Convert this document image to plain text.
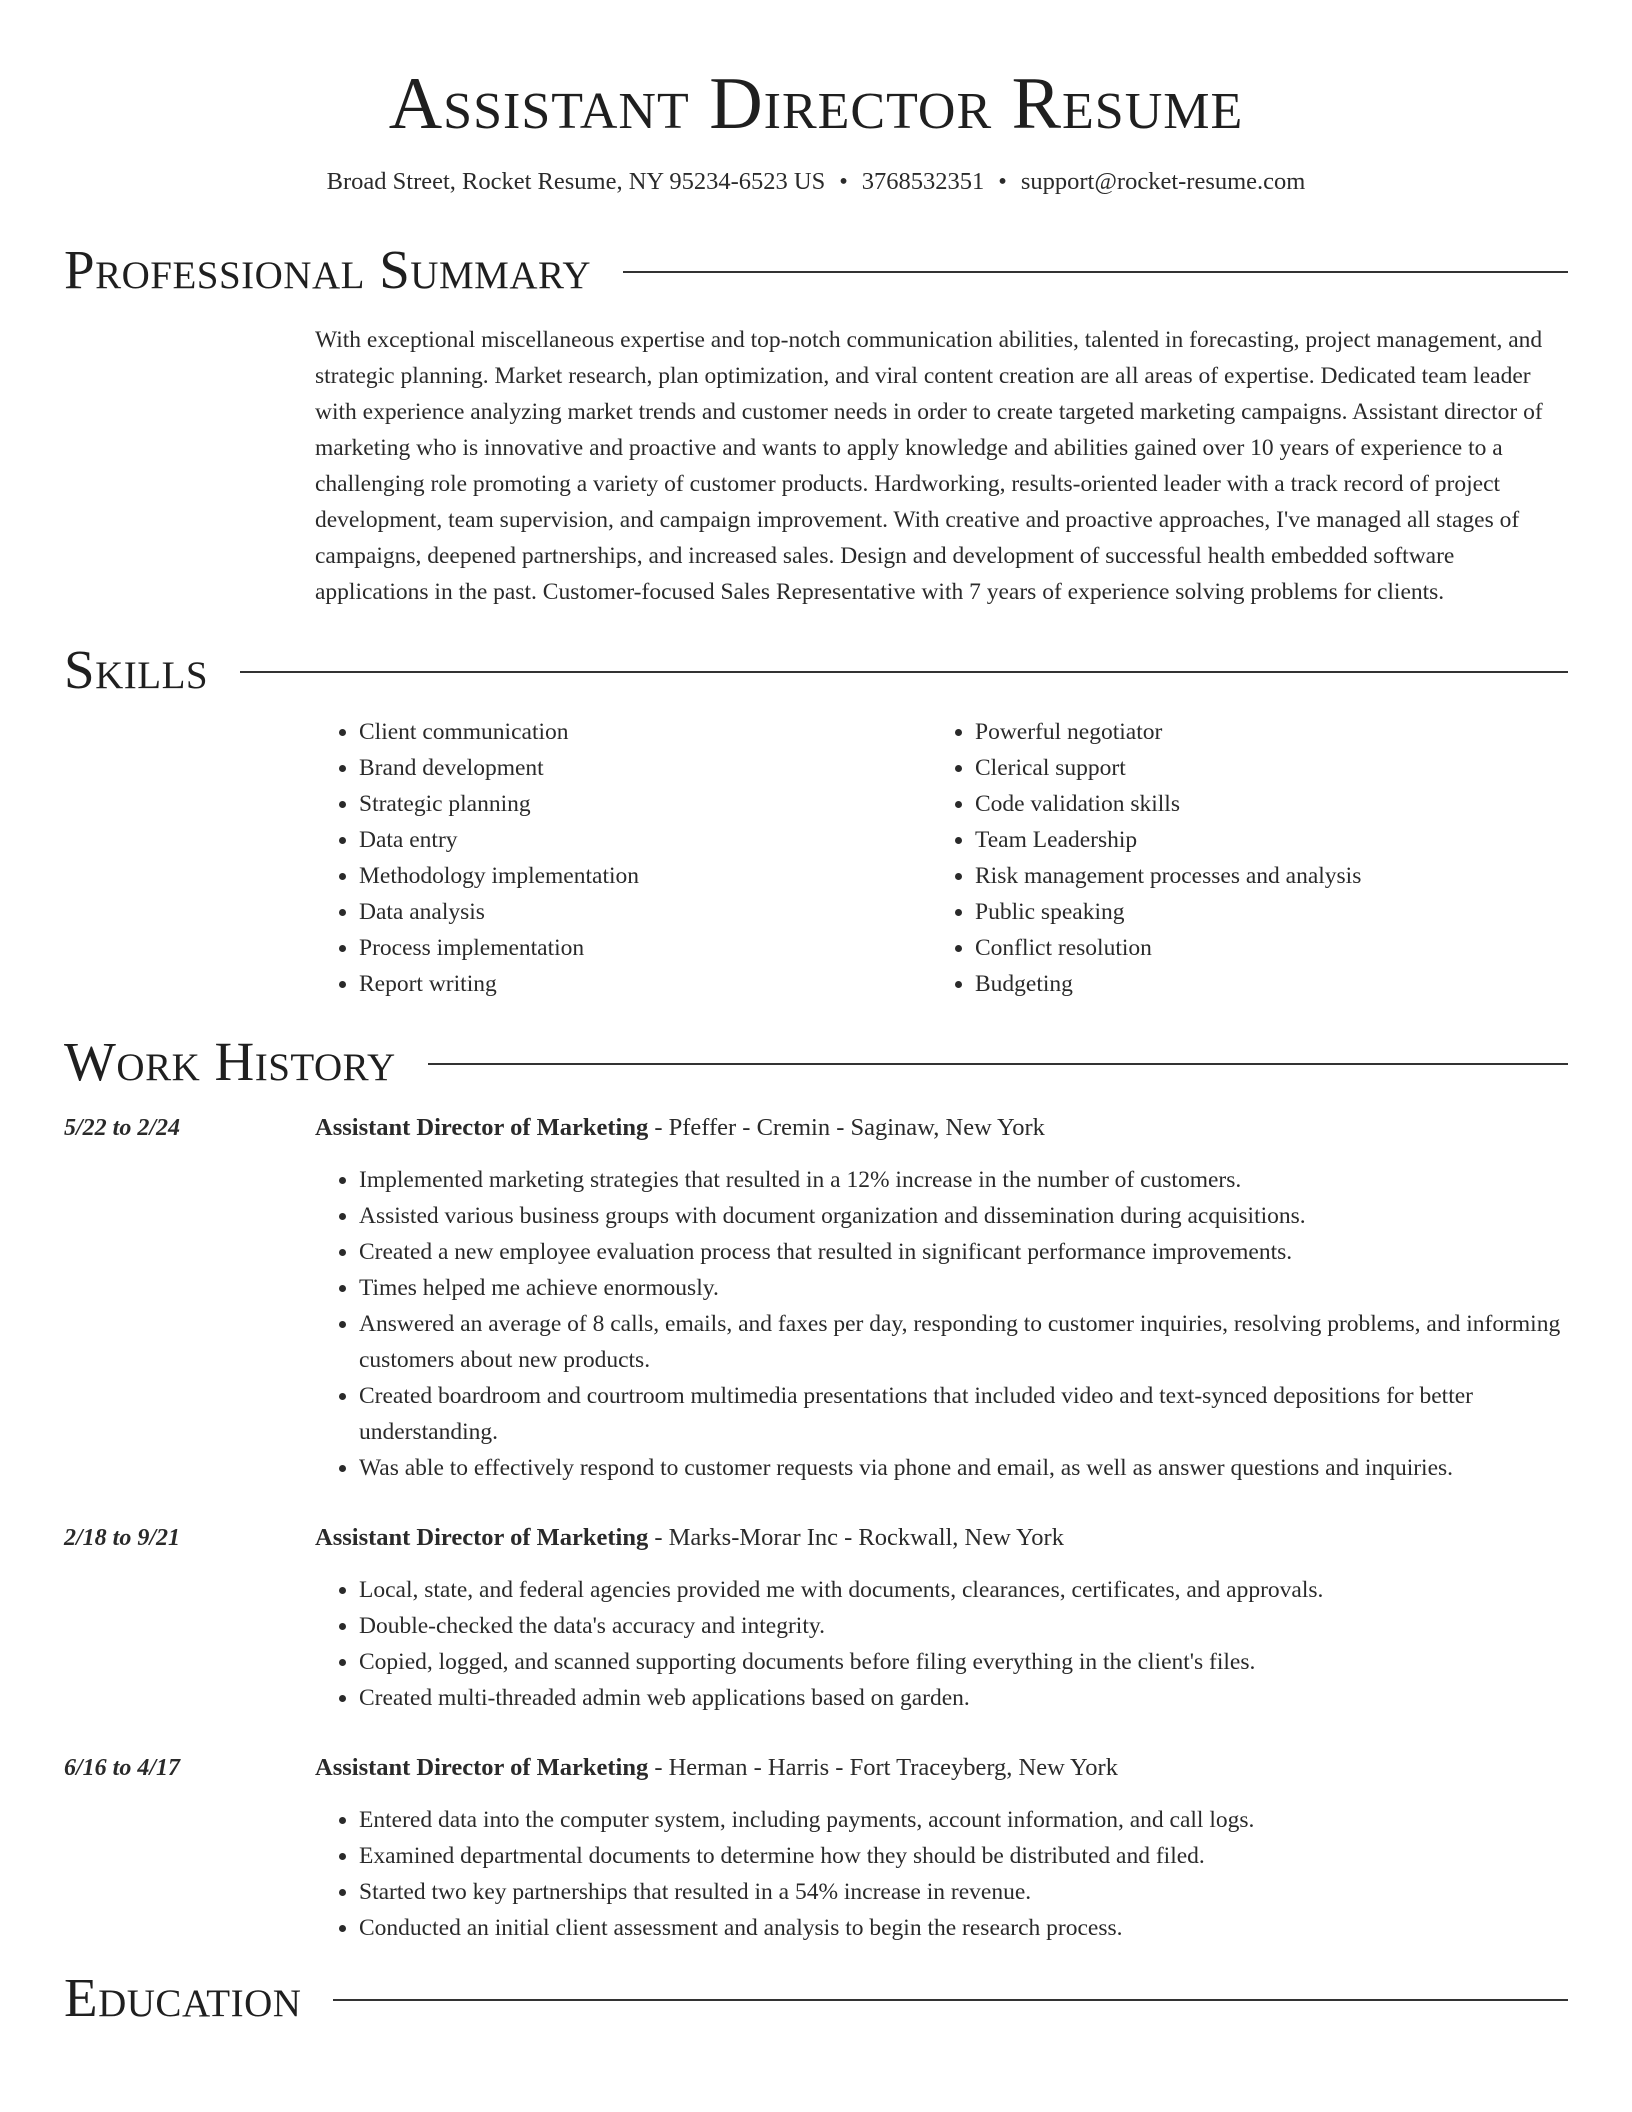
Assistant Director Resume
Broad Street, Rocket Resume, NY 95234-6523 US • 3768532351 • support@rocket-resume.com
Professional Summary

With exceptional miscellaneous expertise and top-notch communication abilities, talented in forecasting, project management, and strategic planning. Market research, plan optimization, and viral content creation are all areas of expertise. Dedicated team leader with experience analyzing market trends and customer needs in order to create targeted marketing campaigns. Assistant director of marketing who is innovative and proactive and wants to apply knowledge and abilities gained over 10 years of experience to a challenging role promoting a variety of customer products. Hardworking, results-oriented leader with a track record of project development, team supervision, and campaign improvement. With creative and proactive approaches, I've managed all stages of campaigns, deepened partnerships, and increased sales. Design and development of successful health embedded software applications in the past. Customer-focused Sales Representative with 7 years of experience solving problems for clients.

Skills
• Client communication
• Brand development
• Strategic planning
• Data entry
• Methodology implementation
• Data analysis
• Process implementation
• Report writing
• Powerful negotiator
• Clerical support
• Code validation skills
• Team Leadership
• Risk management processes and analysis
• Public speaking
• Conflict resolution
• Budgeting
Work History
5/22 to 2/24	Assistant Director of Marketing - Pfeffer - Cremin - Saginaw, New York
• Implemented marketing strategies that resulted in a 12% increase in the number of customers.
• Assisted various business groups with document organization and dissemination during acquisitions.
• Created a new employee evaluation process that resulted in significant performance improvements.
• Times helped me achieve enormously.
• Answered an average of 8 calls, emails, and faxes per day, responding to customer inquiries, resolving problems, and informing customers about new products.
• Created boardroom and courtroom multimedia presentations that included video and text-synced depositions for better understanding.
• Was able to effectively respond to customer requests via phone and email, as well as answer questions and inquiries.
2/18 to 9/21	Assistant Director of Marketing - Marks-Morar Inc - Rockwall, New York
• Local, state, and federal agencies provided me with documents, clearances, certificates, and approvals.
• Double-checked the data's accuracy and integrity.
• Copied, logged, and scanned supporting documents before filing everything in the client's files.
• Created multi-threaded admin web applications based on garden.
6/16 to 4/17	Assistant Director of Marketing - Herman - Harris - Fort Traceyberg, New York
• Entered data into the computer system, including payments, account information, and call logs.
• Examined departmental documents to determine how they should be distributed and filed.
• Started two key partnerships that resulted in a 54% increase in revenue.
• Conducted an initial client assessment and analysis to begin the research process.
Education
